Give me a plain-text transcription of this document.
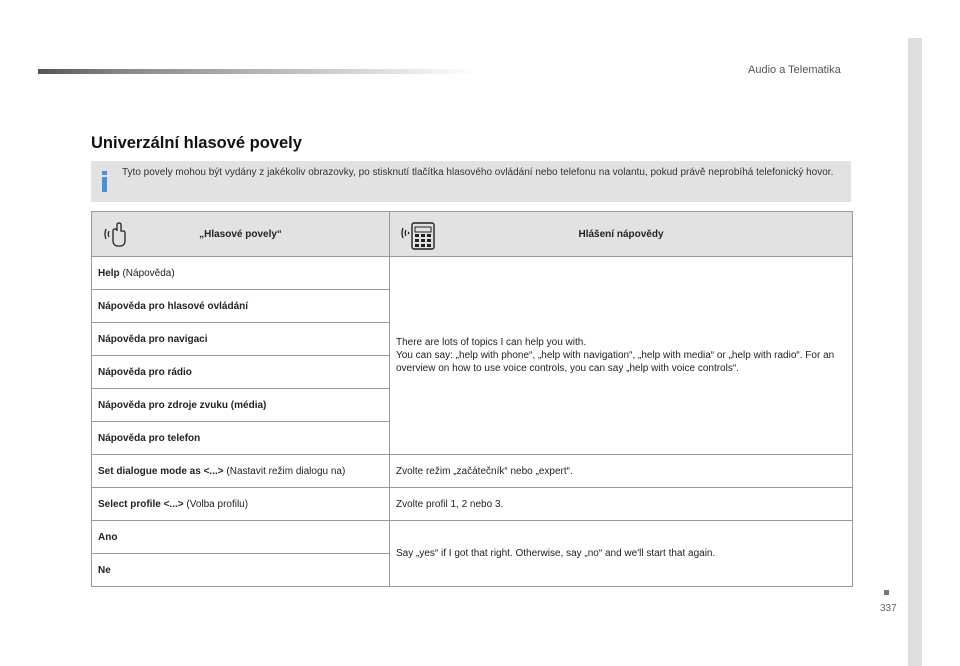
Audio a Telematika
337
Univerzální hlasové povely
Tyto povely mohou být vydány z jakékoliv obrazovky, po stisknutí tlačítka hlasového ovládání nebo telefonu na volantu, pokud právě neprobíhá telefonický hovor.
„Hlasové povely“	Hlášení nápovědy

Help (Nápověda)	There are lots of topics I can help you with.
You can say: „help with phone“, „help with navigation“, „help with media“ or „help with radio“. For an overview on how to use voice controls, you can say „help with voice controls“.

Nápověda pro hlasové ovládání	
Nápověda pro navigaci	
Nápověda pro rádio	
Nápověda pro zdroje zvuku (média)	
Nápověda pro telefon	
Set dialogue mode as <...> (Nastavit režim dialogu na)	Zvolte režim „začátečník“ nebo „expert“.
Select profile <...> (Volba profilu)	Zvolte profil 1, 2 nebo 3.
Ano	Say „yes“ if I got that right. Otherwise, say „no“ and we'll start that again.
Ne	
